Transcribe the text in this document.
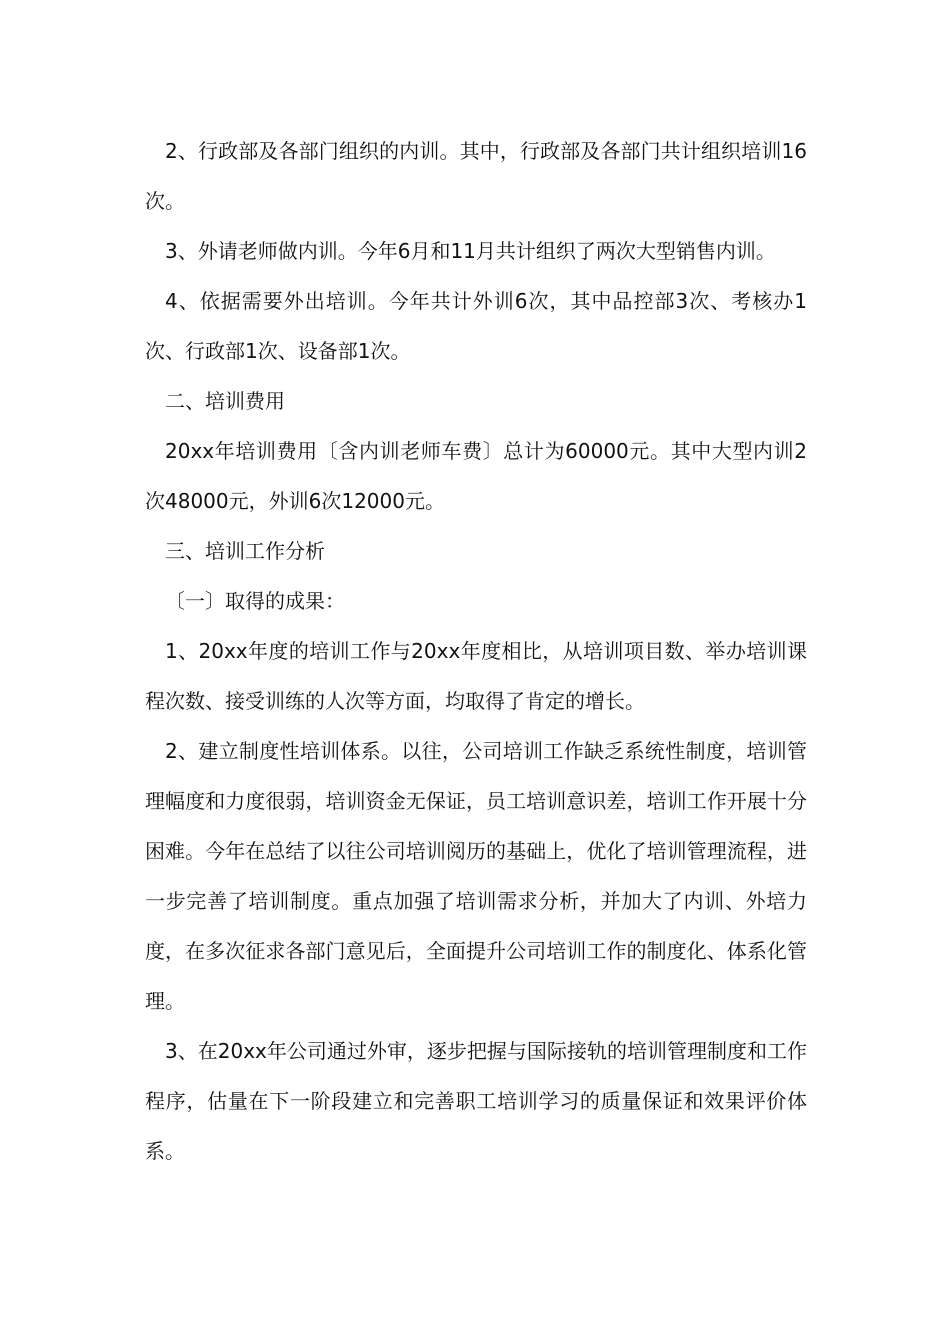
2、行政部及各部门组织的内训。其中，行政部及各部门共计组织培训16次。

3、外请老师做内训。今年6月和11月共计组织了两次大型销售内训。

4、依据需要外出培训。今年共计外训6次，其中品控部3次、考核办1次、行政部1次、设备部1次。

二、培训费用

20xx年培训费用〔含内训老师车费〕总计为60000元。其中大型内训2次48000元，外训6次12000元。

三、培训工作分析

〔一〕取得的成果：

1、20xx年度的培训工作与20xx年度相比，从培训项目数、举办培训课程次数、接受训练的人次等方面，均取得了肯定的增长。

2、建立制度性培训体系。以往，公司培训工作缺乏系统性制度，培训管理幅度和力度很弱，培训资金无保证，员工培训意识差，培训工作开展十分困难。今年在总结了以往公司培训阅历的基础上，优化了培训管理流程，进一步完善了培训制度。重点加强了培训需求分析，并加大了内训、外培力度，在多次征求各部门意见后，全面提升公司培训工作的制度化、体系化管理。

3、在20xx年公司通过外审，逐步把握与国际接轨的培训管理制度和工作程序，估量在下一阶段建立和完善职工培训学习的质量保证和效果评价体系。
